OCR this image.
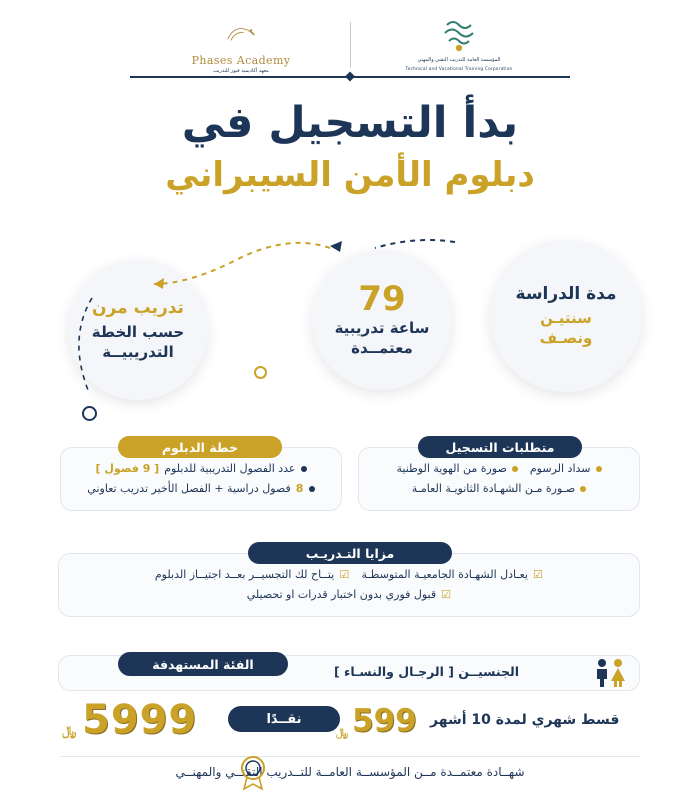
المؤسسة العامة للتدريب التقني والمهني
Technical and Vocational Training Corporation
Phases Academy
معهد أكاديمية فيوز للتدريب
بدأ التسجيل في
دبلوم الأمن السيبراني
مدة الدراسة
سنتيـن
ونصـف
79
ساعة تدريبية
معتمــدة
تدريب مرن
حسب الخطة
التدريبيــة
سداد الرسوم
صورة من الهوية الوطنية
صـورة مـن الشهـادة الثانويـة العامـة
متطلبات التسجيل
عدد الفصول التدريبية للدبلوم
[ 9 فصول ]
8
فصول دراسية + الفصل الأخير تدريب تعاوني
خطة الدبلوم
☑
يعـادل الشهـادة الجامعيـة المتوسطـة
☑
يتــاح لك التجسيــر بعــد اجتيــاز الدبلوم
☑
قبول فوري بدون اختبار قدرات او تحصيلي
مزايا التـدريـب
الجنسيــن [ الرجـال والنسـاء ]
الفئة المستهدفة
5999
﷼
نقــدًا	599
﷼
قسط شهري لمدة 10 أشهر
شهــادة معتمــدة مــن المؤسســة العامــة للتــدريب التقنــي والمهنــي
